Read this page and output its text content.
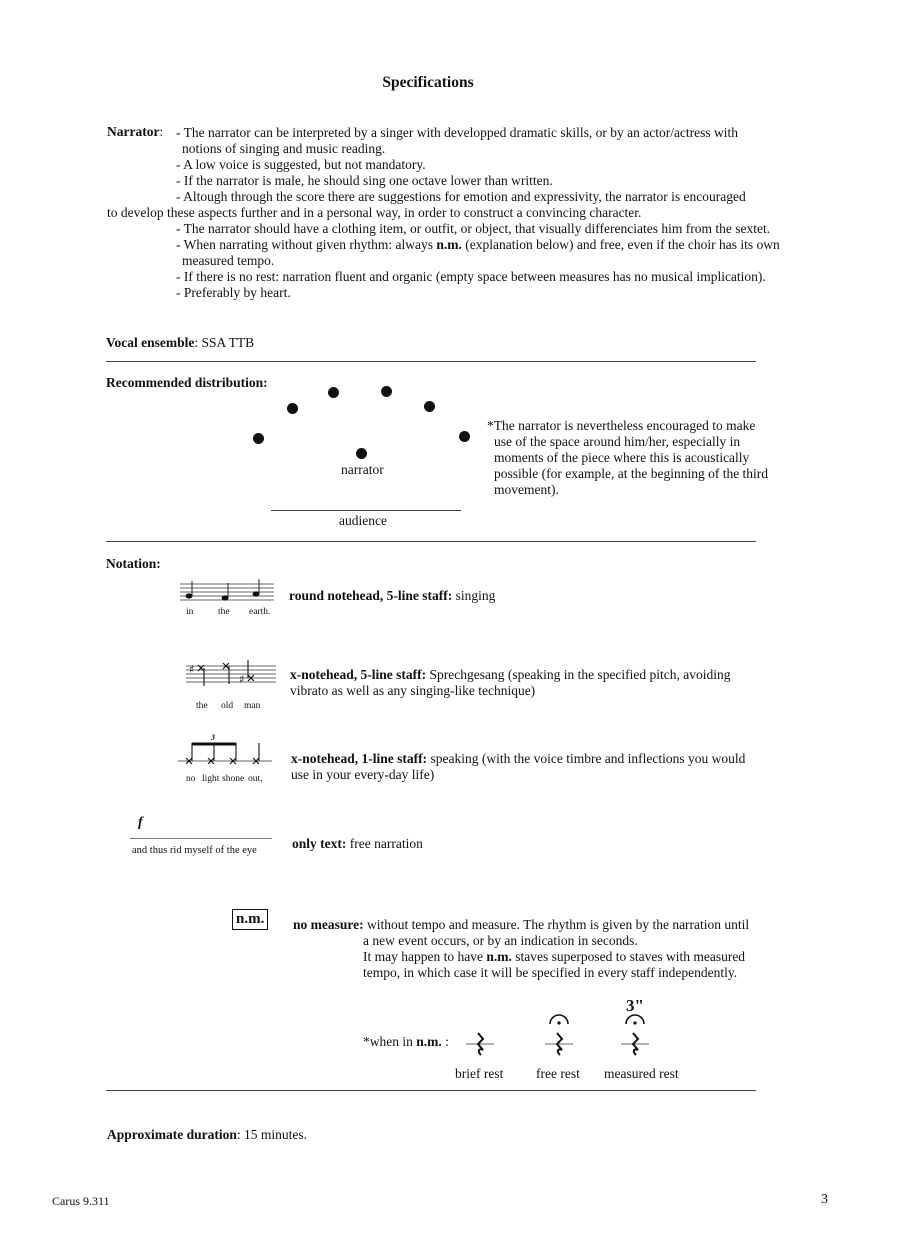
Specifications
Narrator: - The narrator can be interpreted by a singer with developped dramatic skills, or by an actor/actress with
notions of singing and music reading.
- A low voice is suggested, but not mandatory.
- If the narrator is male, he should sing one octave lower than written.
- Altough through the score there are suggestions for emotion and expressivity, the narrator is encouraged
to develop these aspects further and in a personal way, in order to construct a convincing character.
- The narrator should have a clothing item, or outfit, or object, that visually differenciates him from the sextet.
- When narrating without given rhythm: always n.m. (explanation below) and free, even if the choir has its own
measured tempo.
- If there is no rest: narration fluent and organic (empty space between measures has no musical implication).
- Preferably by heart.
Vocal ensemble: SSA TTB
Recommended distribution:
narrator
audience
*The narrator is nevertheless encouraged to make
use of the space around him/her, especially in
moments of the piece where this is acoustically
possible (for example, at the beginning of the third
movement).
Notation:
in	the earth.
round notehead, 5-line staff: singing
♯
♯
the old man
x-notehead, 5-line staff: Sprechgesang (speaking in the specified pitch, avoiding
vibrato as well as any singing-like technique)
3
no light shone out,
x-notehead, 1-line staff: speaking (with the voice timbre and inflections you would
use in your every-day life)
f
and thus rid myself of the eye	only text: free narration
n.m. no measure: without tempo and measure. The rhythm is given by the narration until
a new event occurs, or by an indication in seconds.
It may happen to have n.m. staves superposed to staves with measured
tempo, in which case it will be specified in every staff independently.
*when in n.m. :
3"
brief rest free rest measured rest
Approximate duration: 15 minutes.
Carus 9.311	3
